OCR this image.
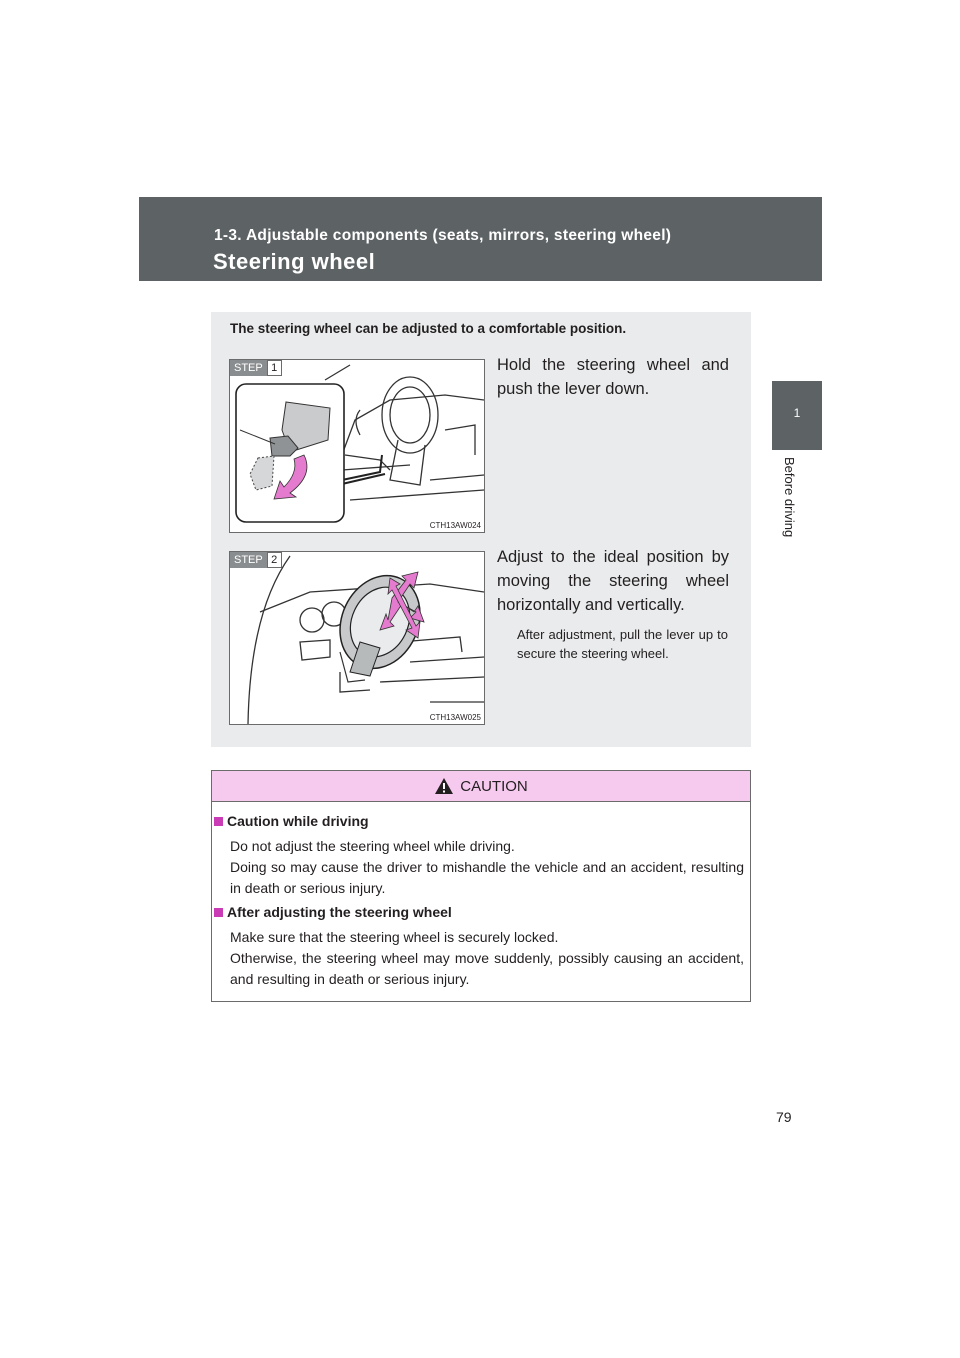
1-3. Adjustable components (seats, mirrors, steering wheel)
Steering wheel
1
Before driving
The steering wheel can be adjusted to a comfortable position.
STEP 1
CTH13AW024
Hold the steering wheel and push the lever down.
STEP 2
CTH13AW025
Adjust to the ideal position by moving the steering wheel horizontally and vertically.
After adjustment, pull the lever up to secure the steering wheel.
CAUTION
Caution while driving
Do not adjust the steering wheel while driving.
Doing so may cause the driver to mishandle the vehicle and an accident, resulting in death or serious injury.
After adjusting the steering wheel
Make sure that the steering wheel is securely locked.
Otherwise, the steering wheel may move suddenly, possibly causing an accident, and resulting in death or serious injury.
79
